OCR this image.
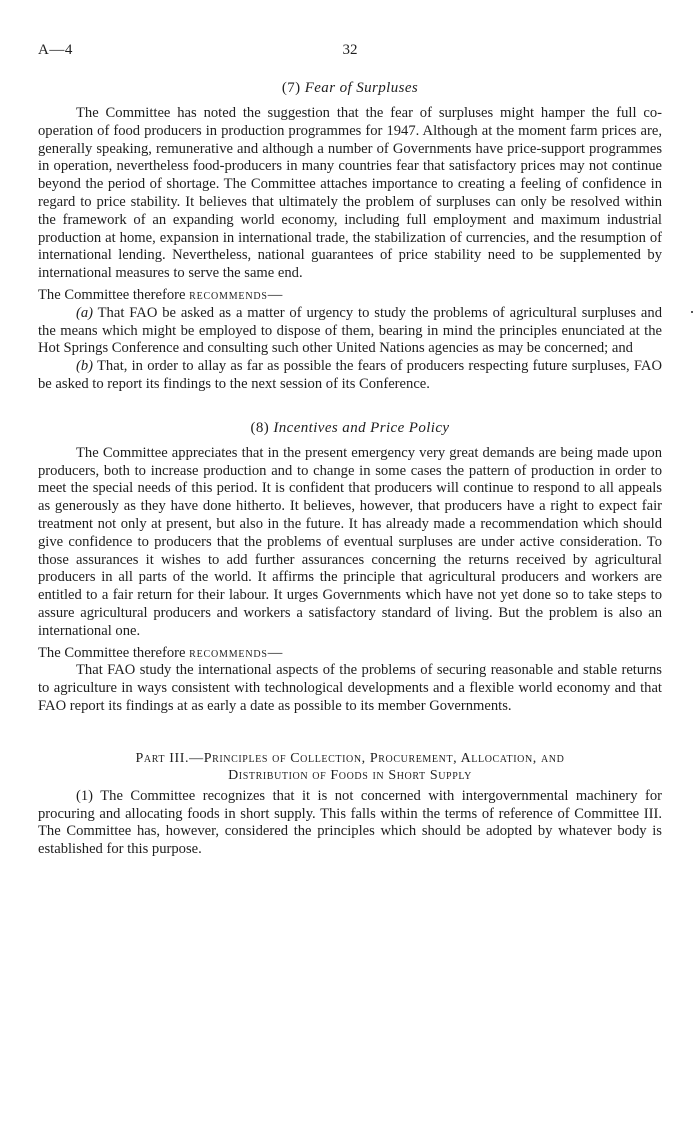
A—4	32
(7) Fear of Surpluses

The Committee has noted the suggestion that the fear of surpluses might hamper the full co-operation of food producers in production programmes for 1947. Although at the moment farm prices are, generally speaking, remunerative and although a number of Governments have price-support programmes in operation, nevertheless food-producers in many countries fear that satisfactory prices may not continue beyond the period of shortage. The Committee attaches importance to creating a feeling of confidence in regard to price stability. It believes that ultimately the problem of surpluses can only be resolved within the framework of an expanding world economy, including full employment and maximum industrial production at home, expansion in international trade, the stabilization of currencies, and the resumption of international lending. Nevertheless, national guarantees of price stability need to be supplemented by international measures to serve the same end.

The Committee therefore recommends—

(a) That FAO be asked as a matter of urgency to study the problems of agricultural surpluses and the means which might be employed to dispose of them, bearing in mind the principles enunciated at the Hot Springs Conference and consulting such other United Nations agencies as may be concerned; and

(b) That, in order to allay as far as possible the fears of producers respecting future surpluses, FAO be asked to report its findings to the next session of its Conference.

(8) Incentives and Price Policy

The Committee appreciates that in the present emergency very great demands are being made upon producers, both to increase production and to change in some cases the pattern of production in order to meet the special needs of this period. It is confident that producers will continue to respond to all appeals as generously as they have done hitherto. It believes, however, that producers have a right to expect fair treatment not only at present, but also in the future. It has already made a recommendation which should give confidence to producers that the problems of eventual surpluses are under active consideration. To those assurances it wishes to add further assurances concerning the returns received by agricultural producers in all parts of the world. It affirms the principle that agricultural producers and workers are entitled to a fair return for their labour. It urges Governments which have not yet done so to take steps to assure agricultural producers and workers a satisfactory standard of living. But the problem is also an international one.

The Committee therefore recommends—

That FAO study the international aspects of the problems of securing reasonable and stable returns to agriculture in ways consistent with technological developments and a flexible world economy and that FAO report its findings at as early a date as possible to its member Governments.

Part III.—Principles of Collection, Procurement, Allocation, and
Distribution of Foods in Short Supply

(1) The Committee recognizes that it is not concerned with intergovernmental machinery for procuring and allocating foods in short supply. This falls within the terms of reference of Committee III. The Committee has, however, considered the principles which should be adopted by whatever body is established for this purpose.
